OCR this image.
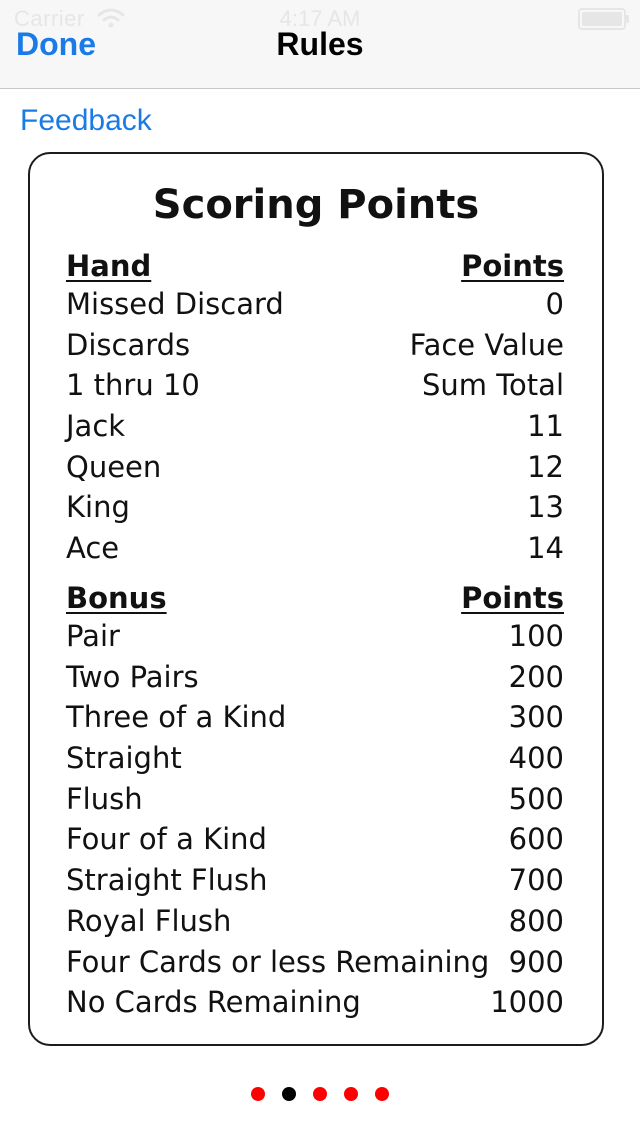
Carrier	4:17 AM
Done	Rules
Feedback
Scoring Points
Hand	Points
Missed Discard	0
Discards	Face Value
1 thru 10	Sum Total
Jack	11
Queen	12
King	13
Ace	14
Bonus	Points
Pair	100
Two Pairs	200
Three of a Kind	300
Straight	400
Flush	500
Four of a Kind	600
Straight Flush	700
Royal Flush	800
Four Cards or less Remaining 900
No Cards Remaining	1000
